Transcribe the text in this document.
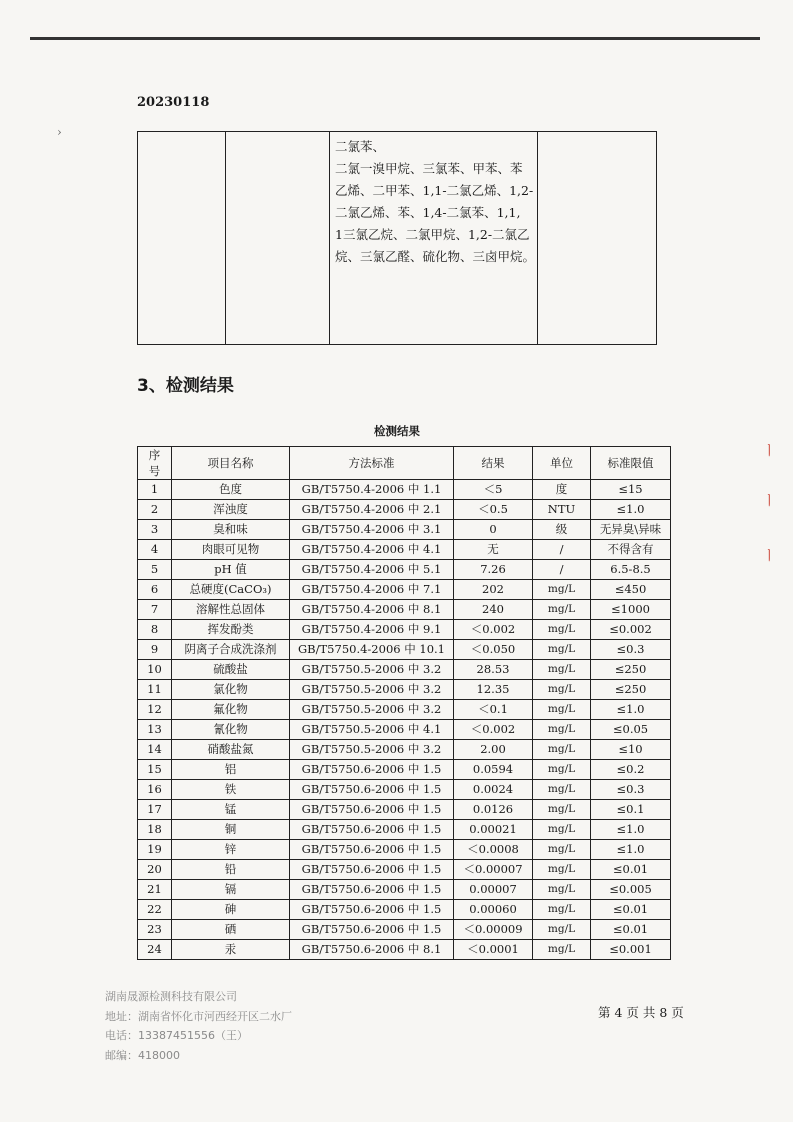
›
ㅣ
ㅣ
ㅣ
20230118
二氯苯、
二氯一溴甲烷、三氯苯、甲苯、苯
乙烯、二甲苯、1,1-二氯乙烯、1,2-
二氯乙烯、苯、1,4-二氯苯、1,1,
1三氯乙烷、二氯甲烷、1,2-二氯乙
烷、三氯乙醛、硫化物、三卤甲烷。
3、检测结果
检测结果
序
号	项目名称	方法标准	结果	单位	标准限值
1	色度	GB/T5750.4-2006 中 1.1	＜5	度	≤15
2	浑浊度	GB/T5750.4-2006 中 2.1	＜0.5	NTU	≤1.0
3	臭和味	GB/T5750.4-2006 中 3.1	0	级	无异臭\异味
4	肉眼可见物	GB/T5750.4-2006 中 4.1	无	/	不得含有
5	pH 值	GB/T5750.4-2006 中 5.1	7.26	/	6.5-8.5
6	总硬度(CaCO₃)	GB/T5750.4-2006 中 7.1	202	mg/L	≤450
7	溶解性总固体	GB/T5750.4-2006 中 8.1	240	mg/L	≤1000
8	挥发酚类	GB/T5750.4-2006 中 9.1	＜0.002	mg/L	≤0.002
9	阴离子合成洗涤剂	GB/T5750.4-2006 中 10.1	＜0.050	mg/L	≤0.3
10	硫酸盐	GB/T5750.5-2006 中 3.2	28.53	mg/L	≤250
11	氯化物	GB/T5750.5-2006 中 3.2	12.35	mg/L	≤250
12	氟化物	GB/T5750.5-2006 中 3.2	＜0.1	mg/L	≤1.0
13	氰化物	GB/T5750.5-2006 中 4.1	＜0.002	mg/L	≤0.05
14	硝酸盐氮	GB/T5750.5-2006 中 3.2	2.00	mg/L	≤10
15	铝	GB/T5750.6-2006 中 1.5	0.0594	mg/L	≤0.2
16	铁	GB/T5750.6-2006 中 1.5	0.0024	mg/L	≤0.3
17	锰	GB/T5750.6-2006 中 1.5	0.0126	mg/L	≤0.1
18	铜	GB/T5750.6-2006 中 1.5	0.00021	mg/L	≤1.0
19	锌	GB/T5750.6-2006 中 1.5	＜0.0008	mg/L	≤1.0
20	铅	GB/T5750.6-2006 中 1.5	＜0.00007	mg/L	≤0.01
21	镉	GB/T5750.6-2006 中 1.5	0.00007	mg/L	≤0.005
22	砷	GB/T5750.6-2006 中 1.5	0.00060	mg/L	≤0.01
23	硒	GB/T5750.6-2006 中 1.5	＜0.00009	mg/L	≤0.01
24	汞	GB/T5750.6-2006 中 8.1	＜0.0001	mg/L	≤0.001
湖南晟源检测科技有限公司
地址：湖南省怀化市河西经开区二水厂
电话：13387451556（王）
邮编：418000
第 4 页 共 8 页
